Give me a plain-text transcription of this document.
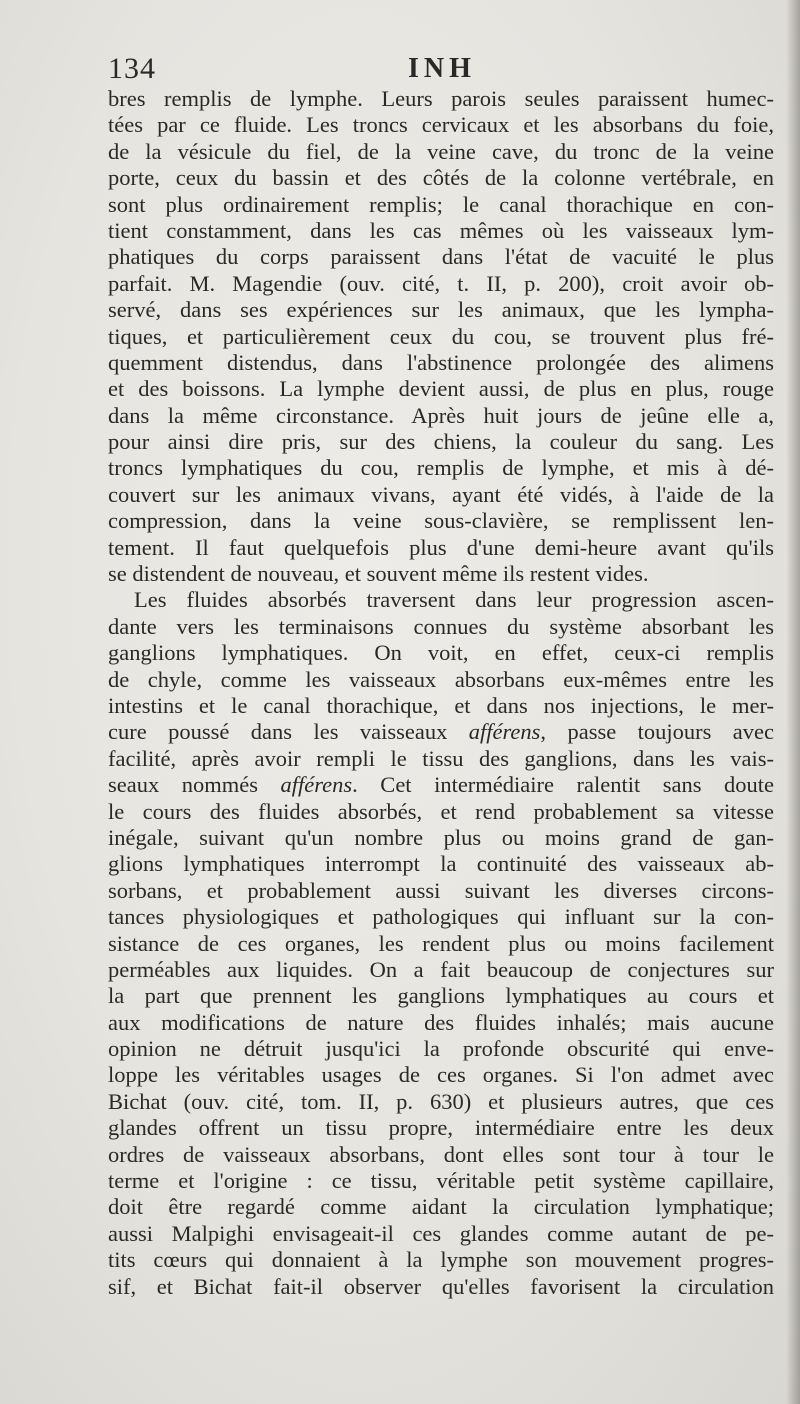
134	INH
bres remplis de lymphe. Leurs parois seules paraissent humec-
tées par ce fluide. Les troncs cervicaux et les absorbans du foie,
de la vésicule du fiel, de la veine cave, du tronc de la veine
porte, ceux du bassin et des côtés de la colonne vertébrale, en
sont plus ordinairement remplis; le canal thorachique en con-
tient constamment, dans les cas mêmes où les vaisseaux lym-
phatiques du corps paraissent dans l'état de vacuité le plus
parfait. M. Magendie (ouv. cité, t. II, p. 200), croit avoir ob-
servé, dans ses expériences sur les animaux, que les lympha-
tiques, et particulièrement ceux du cou, se trouvent plus fré-
quemment distendus, dans l'abstinence prolongée des alimens
et des boissons. La lymphe devient aussi, de plus en plus, rouge
dans la même circonstance. Après huit jours de jeûne elle a,
pour ainsi dire pris, sur des chiens, la couleur du sang. Les
troncs lymphatiques du cou, remplis de lymphe, et mis à dé-
couvert sur les animaux vivans, ayant été vidés, à l'aide de la
compression, dans la veine sous-clavière, se remplissent len-
tement. Il faut quelquefois plus d'une demi-heure avant qu'ils
se distendent de nouveau, et souvent même ils restent vides.
Les fluides absorbés traversent dans leur progression ascen-
dante vers les terminaisons connues du système absorbant les
ganglions lymphatiques. On voit, en effet, ceux-ci remplis
de chyle, comme les vaisseaux absorbans eux-mêmes entre les
intestins et le canal thorachique, et dans nos injections, le mer-
cure poussé dans les vaisseaux afférens, passe toujours avec
facilité, après avoir rempli le tissu des ganglions, dans les vais-
seaux nommés afférens. Cet intermédiaire ralentit sans doute
le cours des fluides absorbés, et rend probablement sa vitesse
inégale, suivant qu'un nombre plus ou moins grand de gan-
glions lymphatiques interrompt la continuité des vaisseaux ab-
sorbans, et probablement aussi suivant les diverses circons-
tances physiologiques et pathologiques qui influant sur la con-
sistance de ces organes, les rendent plus ou moins facilement
perméables aux liquides. On a fait beaucoup de conjectures sur
la part que prennent les ganglions lymphatiques au cours et
aux modifications de nature des fluides inhalés; mais aucune
opinion ne détruit jusqu'ici la profonde obscurité qui enve-
loppe les véritables usages de ces organes. Si l'on admet avec
Bichat (ouv. cité, tom. II, p. 630) et plusieurs autres, que ces
glandes offrent un tissu propre, intermédiaire entre les deux
ordres de vaisseaux absorbans, dont elles sont tour à tour le
terme et l'origine : ce tissu, véritable petit système capillaire,
doit être regardé comme aidant la circulation lymphatique;
aussi Malpighi envisageait-il ces glandes comme autant de pe-
tits cœurs qui donnaient à la lymphe son mouvement progres-
sif, et Bichat fait-il observer qu'elles favorisent la circulation
